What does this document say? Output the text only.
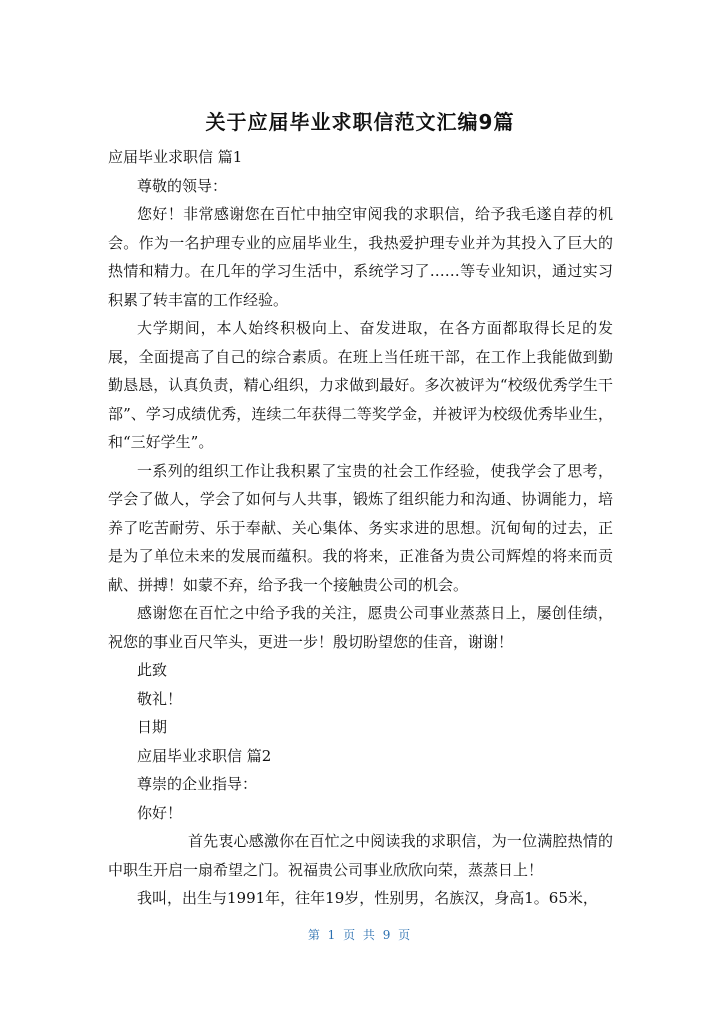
关于应届毕业求职信范文汇编9篇

应届毕业求职信 篇1

尊敬的领导：

您好！非常感谢您在百忙中抽空审阅我的求职信，给予我毛遂自荐的机会。作为一名护理专业的应届毕业生，我热爱护理专业并为其投入了巨大的热情和精力。在几年的学习生活中，系统学习了……等专业知识，通过实习积累了转丰富的工作经验。

大学期间，本人始终积极向上、奋发进取，在各方面都取得长足的发展，全面提高了自己的综合素质。在班上当任班干部，在工作上我能做到勤勤恳恳，认真负责，精心组织，力求做到最好。多次被评为“校级优秀学生干部”、学习成绩优秀，连续二年获得二等奖学金，并被评为校级优秀毕业生，和“三好学生”。

一系列的组织工作让我积累了宝贵的社会工作经验，使我学会了思考，学会了做人，学会了如何与人共事，锻炼了组织能力和沟通、协调能力，培养了吃苦耐劳、乐于奉献、关心集体、务实求进的思想。沉甸甸的过去，正是为了单位未来的发展而蕴积。我的将来，正准备为贵公司辉煌的将来而贡献、拼搏！如蒙不弃，给予我一个接触贵公司的机会。

感谢您在百忙之中给予我的关注，愿贵公司事业蒸蒸日上，屡创佳绩，祝您的事业百尺竿头，更进一步！殷切盼望您的佳音，谢谢！

此致

敬礼！

日期

应届毕业求职信 篇2

尊崇的企业指导：

你好！

首先衷心感激你在百忙之中阅读我的求职信，为一位满腔热情的中职生开启一扇希望之门。祝福贵公司事业欣欣向荣，蒸蒸日上！

我叫，出生与1991年，往年19岁，性别男，名族汉，身高1。65米，

第 1 页 共 9 页
